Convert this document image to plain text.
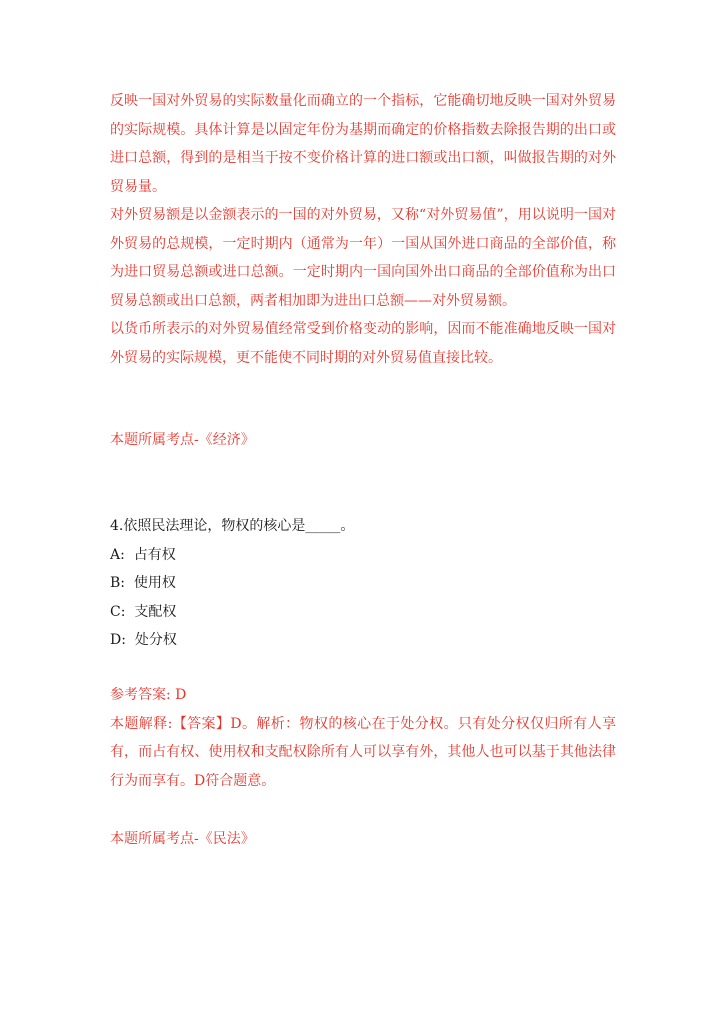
反映一国对外贸易的实际数量化而确立的一个指标，它能确切地反映一国对外贸易的实际规模。具体计算是以固定年份为基期而确定的价格指数去除报告期的出口或进口总额，得到的是相当于按不变价格计算的进口额或出口额，叫做报告期的对外贸易量。

对外贸易额是以金额表示的一国的对外贸易，又称“对外贸易值”，用以说明一国对外贸易的总规模，一定时期内（通常为一年）一国从国外进口商品的全部价值，称为进口贸易总额或进口总额。一定时期内一国向国外出口商品的全部价值称为出口贸易总额或出口总额，两者相加即为进出口总额——对外贸易额。

以货币所表示的对外贸易值经常受到价格变动的影响，因而不能准确地反映一国对外贸易的实际规模，更不能使不同时期的对外贸易值直接比较。

本题所属考点-《经济》

4.依照民法理论，物权的核心是_____。

A:  占有权

B:  使用权

C:  支配权

D:  处分权

参考答案: D

本题解释:【答案】D。解析：物权的核心在于处分权。只有处分权仅归所有人享有，而占有权、使用权和支配权除所有人可以享有外，其他人也可以基于其他法律行为而享有。D符合题意。

本题所属考点-《民法》
